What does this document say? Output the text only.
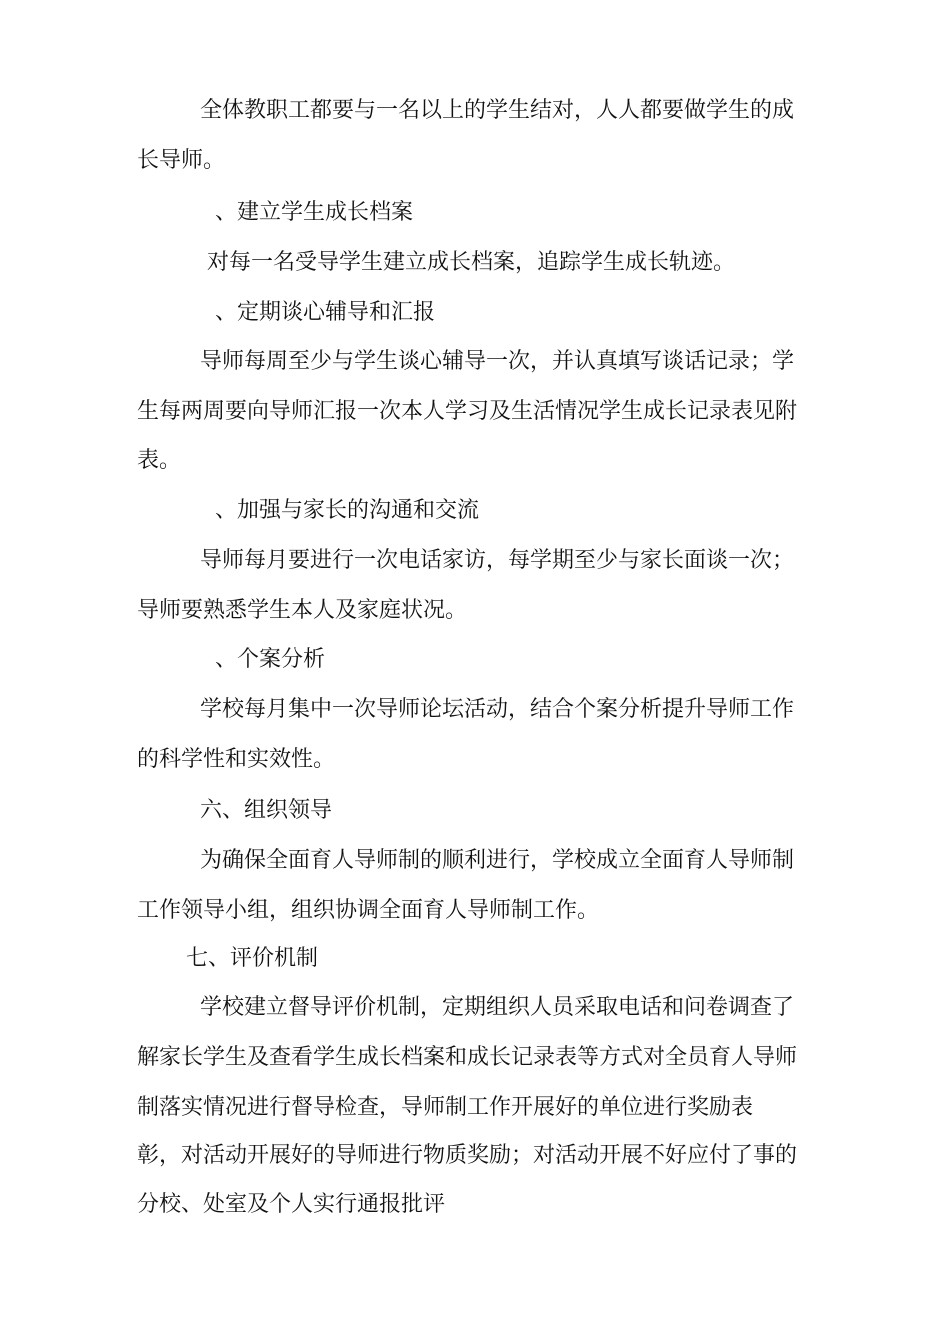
全体教职工都要与一名以上的学生结对，人人都要做学生的成
长导师。
、建立学生成长档案
对每一名受导学生建立成长档案，追踪学生成长轨迹。
、定期谈心辅导和汇报
导师每周至少与学生谈心辅导一次，并认真填写谈话记录；学
生每两周要向导师汇报一次本人学习及生活情况学生成长记录表见附
表。
、加强与家长的沟通和交流
导师每月要进行一次电话家访，每学期至少与家长面谈一次；
导师要熟悉学生本人及家庭状况。
、个案分析
学校每月集中一次导师论坛活动，结合个案分析提升导师工作
的科学性和实效性。
六、组织领导
为确保全面育人导师制的顺利进行，学校成立全面育人导师制
工作领导小组，组织协调全面育人导师制工作。
七、评价机制
学校建立督导评价机制，定期组织人员采取电话和问卷调查了
解家长学生及查看学生成长档案和成长记录表等方式对全员育人导师
制落实情况进行督导检查，导师制工作开展好的单位进行奖励表
彰，对活动开展好的导师进行物质奖励；对活动开展不好应付了事的
分校、处室及个人实行通报批评
